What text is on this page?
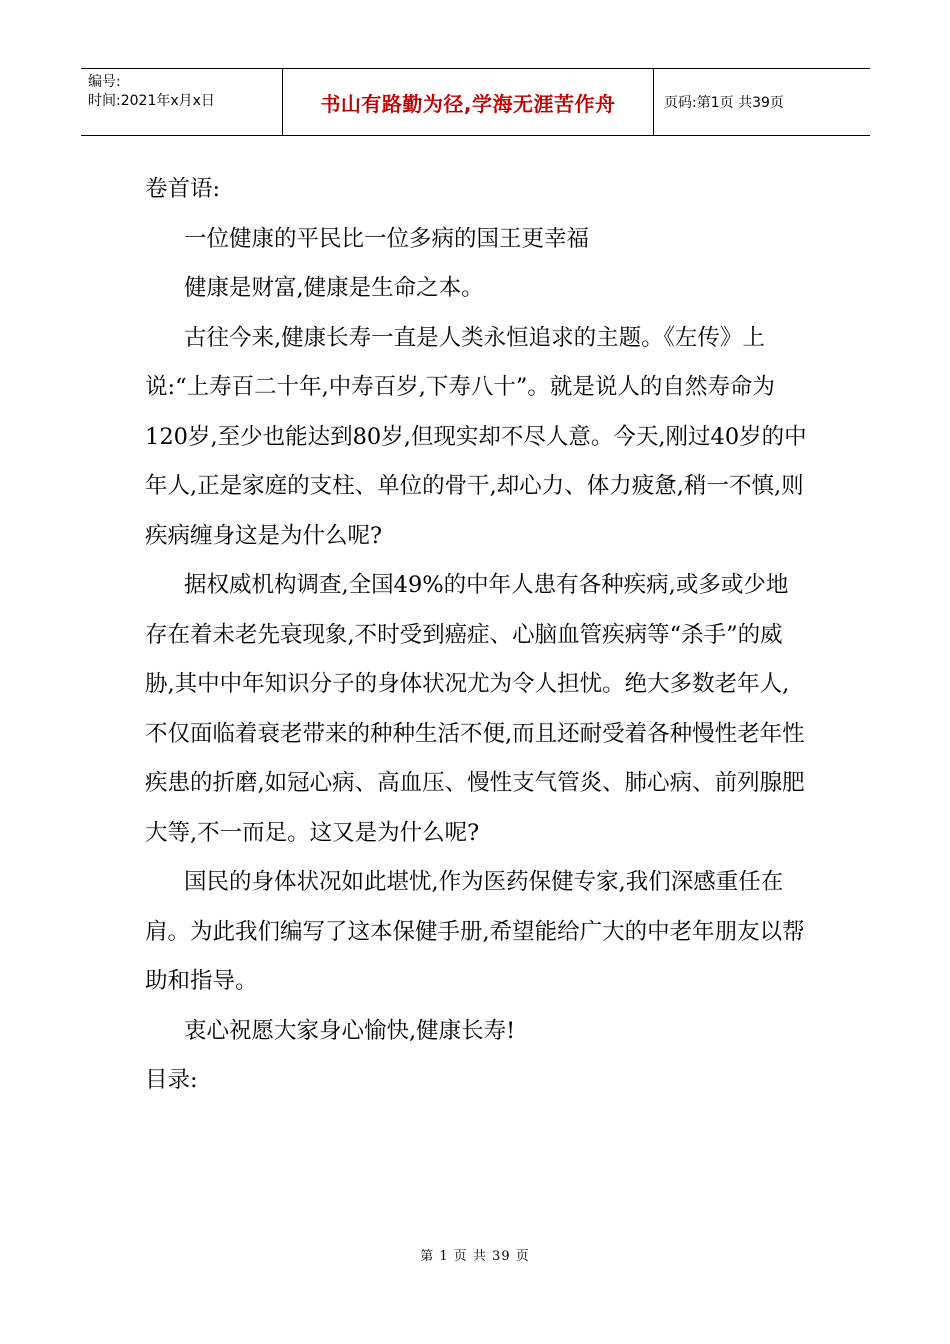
编号:
时间:2021年x月x日	书山有路勤为径,学海无涯苦作舟	页码:第1页 共39页

卷首语:

一位健康的平民比一位多病的国王更幸福

健康是财富,健康是生命之本。

古往今来,健康长寿一直是人类永恒追求的主题。《左传》上说:“上寿百二十年,中寿百岁,下寿八十”。就是说人的自然寿命为120岁,至少也能达到80岁,但现实却不尽人意。今天,刚过40岁的中年人,正是家庭的支柱、单位的骨干,却心力、体力疲惫,稍一不慎,则疾病缠身这是为什么呢?

据权威机构调查,全国49%的中年人患有各种疾病,或多或少地存在着未老先衰现象,不时受到癌症、心脑血管疾病等“杀手”的威胁,其中中年知识分子的身体状况尤为令人担忧。绝大多数老年人,不仅面临着衰老带来的种种生活不便,而且还耐受着各种慢性老年性疾患的折磨,如冠心病、高血压、慢性支气管炎、肺心病、前列腺肥大等,不一而足。这又是为什么呢?

国民的身体状况如此堪忧,作为医药保健专家,我们深感重任在肩。为此我们编写了这本保健手册,希望能给广大的中老年朋友以帮助和指导。

衷心祝愿大家身心愉快,健康长寿!

目录:

第 1 页 共 39 页
